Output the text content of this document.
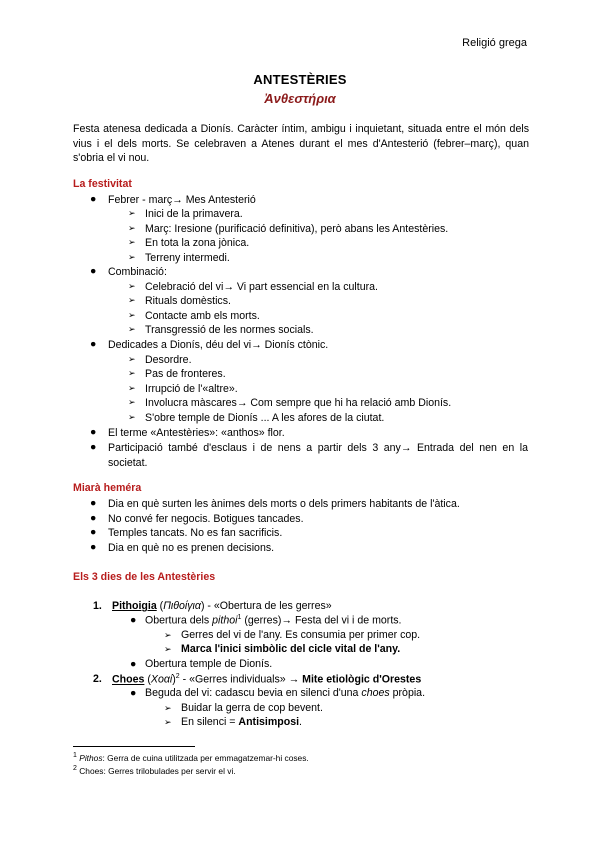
Religió grega
ANTESTÈRIES
Ἀνθεστήρια
Festa atenesa dedicada a Dionís. Caràcter íntim, ambigu i inquietant, situada entre el món dels vius i el dels morts. Se celebraven a Atenes durant el mes d'Antesterió (febrer–març), quan s'obria el vi nou.
La festivitat
● Febrer - març→ Mes Antesterió
➢ Inici de la primavera.
➢ Març: Iresione (purificació definitiva), però abans les Antestèries.
➢ En tota la zona jònica.
➢ Terreny intermedi.
● Combinació:
➢ Celebració del vi→ Vi part essencial en la cultura.
➢ Rituals domèstics.
➢ Contacte amb els morts.
➢ Transgressió de les normes socials.
● Dedicades a Dionís, déu del vi→ Dionís ctònic.
➢ Desordre.
➢ Pas de fronteres.
➢ Irrupció de l'«altre».
➢ Involucra màscares→ Com sempre que hi ha relació amb Dionís.
➢ S'obre temple de Dionís ... A les afores de la ciutat.
● El terme «Antestèries»: «anthos» flor.
● Participació també d'esclaus i de nens a partir dels 3 any→ Entrada del nen en la societat.
Miarà heméra
● Dia en què surten les ànimes dels morts o dels primers habitants de l'àtica.
● No convé fer negocis. Botigues tancades.
● Temples tancats. No es fan sacrificis.
● Dia en què no es prenen decisions.
Els 3 dies de les Antestèries
1. Pithoigia (Πιθοίγια) - «Obertura de les gerres»
● Obertura dels pithoi$^1$ (gerres)→ Festa del vi i de morts.
➢ Gerres del vi de l'any. Es consumia per primer cop.
➢ Marca l'inici simbòlic del cicle vital de l'any.
● Obertura temple de Dionís.
2. Choes $(Xo\alpha ί)^2$ - «Gerres individuals» → Mite etiològic d'Orestes
● Beguda del vi: cadascu bevia en silenci d'una choes pròpia.
➢ Buidar la gerra de cop bevent.
➢ En silenci = Antisimposi.
$^1$ Pithos: Gerra de cuina utilitzada per emmagatzemar-hi coses.
$^2$ Choes: Gerres trilobulades per servir el vi.
